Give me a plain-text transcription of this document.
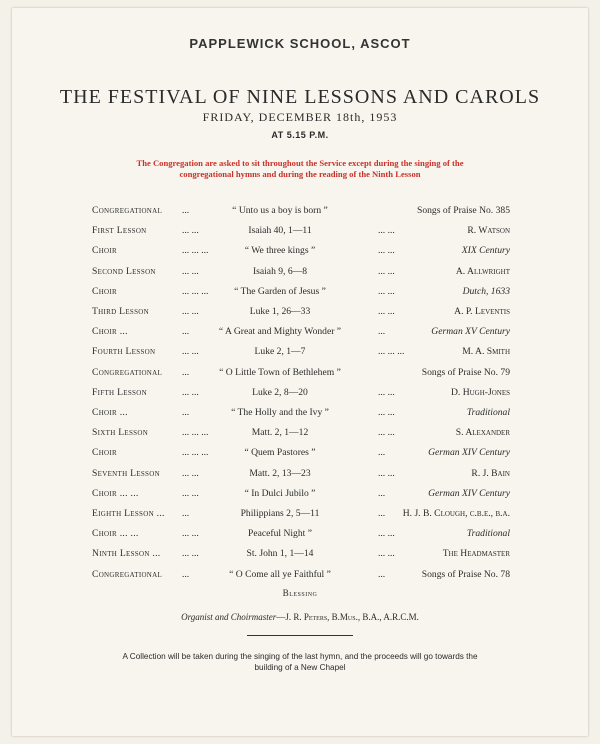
PAPPLEWICK SCHOOL, ASCOT
THE FESTIVAL OF NINE LESSONS AND CAROLS
FRIDAY, DECEMBER 18th, 1953
AT 5.15 P.M.
The Congregation are asked to sit throughout the Service except during the singing of the congregational hymns and during the reading of the Ninth Lesson
Congregational ...	“ Unto us a boy is born ”	Songs of Praise No. 385
First Lesson	... ...	Isaiah 40, 1—11	... ...	R. Watson
Choir	... ... ...	“ We three kings ”	... ...	XIX Century
Second Lesson	... ...	Isaiah 9, 6—8	... ...	A. Allwright
Choir	... ... ...	“ The Garden of Jesus ”	... ...	Dutch, 1633
Third Lesson	... ...	Luke 1, 26—33	... ...	A. P. Leventis
Choir ...	...	“ A Great and Mighty Wonder ”	...	German XV Century
Fourth Lesson	... ...	Luke 2, 1—7	... ... ...	M. A. Smith
Congregational ...	“ O Little Town of Bethlehem ”	Songs of Praise No. 79
Fifth Lesson	... ...	Luke 2, 8—20	... ...	D. Hugh-Jones
Choir ...	...	“ The Holly and the Ivy ”	... ...	Traditional
Sixth Lesson	... ... ...	Matt. 2, 1—12	... ...	S. Alexander
Choir	... ... ...	“ Quem Pastores ”	...	German XIV Century
Seventh Lesson ... ...	Matt. 2, 13—23	... ...	R. J. Bain
Choir ... ...	... ...	“ In Dulci Jubilo ”	...	German XIV Century
Eighth Lesson ... ...	Philippians 2, 5—11	... H. J. B. Clough, c.b.e., b.a.
Choir ... ...	... ...	Peaceful Night ”	... ...	Traditional
Ninth Lesson ... ... ...	St. John 1, 1—14	... ...	The Headmaster
Congregational ...	“ O Come all ye Faithful ”	...	Songs of Praise No. 78
Blessing
Organist and Choirmaster—J. R. Peters, B.Mus., B.A., A.R.C.M.
A Collection will be taken during the singing of the last hymn, and the proceeds will go towards the building of a New Chapel
